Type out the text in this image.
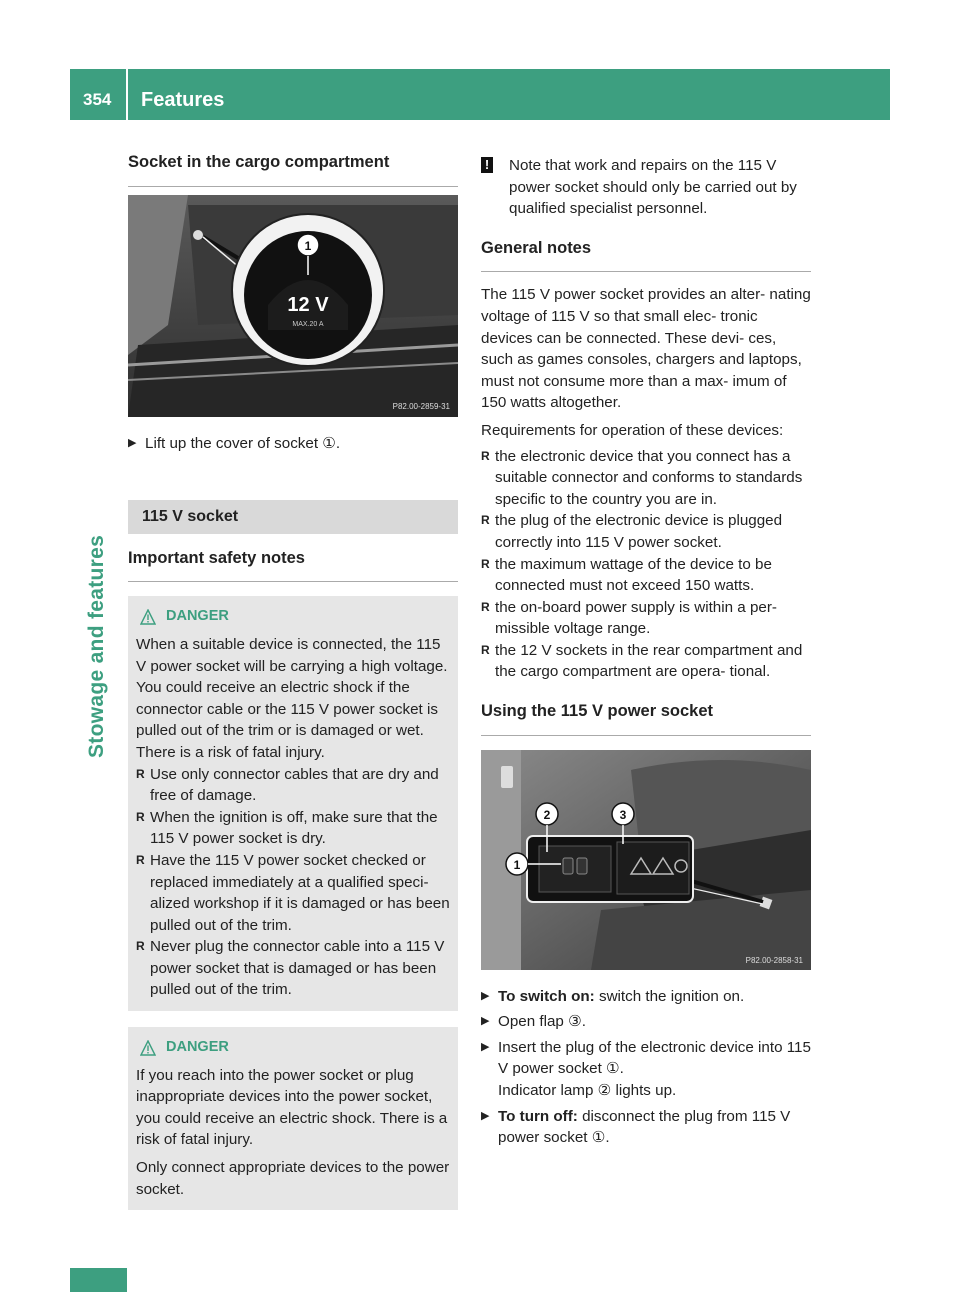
354 Features
Stowage and features
Socket in the cargo compartment
12 V
MAX.20 A
1
P82.00-2859-31
▶ Lift up the cover of socket ①.
115 V socket
Important safety notes
DANGER
When a suitable device is connected, the 115 V power socket will be carrying a high voltage. You could receive an electric shock if the connector cable or the 115 V power socket is pulled out of the trim or is damaged or wet. There is a risk of fatal injury.
R Use only connector cables that are dry and free of damage.
R When the ignition is off, make sure that the 115 V power socket is dry.
R Have the 115 V power socket checked or replaced immediately at a qualified speci- alized workshop if it is damaged or has been pulled out of the trim.
R Never plug the connector cable into a 115 V power socket that is damaged or has been pulled out of the trim.
DANGER
If you reach into the power socket or plug inappropriate devices into the power socket, you could receive an electric shock. There is a risk of fatal injury.
Only connect appropriate devices to the power socket.
! Note that work and repairs on the 115 V power socket should only be carried out by qualified specialist personnel.
General notes
The 115 V power socket provides an alter- nating voltage of 115 V so that small elec- tronic devices can be connected. These devi- ces, such as games consoles, chargers and laptops, must not consume more than a max- imum of 150 watts altogether.
Requirements for operation of these devices:
R the electronic device that you connect has a suitable connector and conforms to standards specific to the country you are in.
R the plug of the electronic device is plugged correctly into 115 V power socket.
R the maximum wattage of the device to be connected must not exceed 150 watts.
R the on-board power supply is within a per- missible voltage range.
R the 12 V sockets in the rear compartment and the cargo compartment are opera- tional.
Using the 115 V power socket
2	3
1
P82.00-2858-31
▶ To switch on: switch the ignition on.
▶ Open flap ③.
▶ Insert the plug of the electronic device into 115 V power socket ①.
Indicator lamp ② lights up.
▶ To turn off: disconnect the plug from 115 V power socket ①.
